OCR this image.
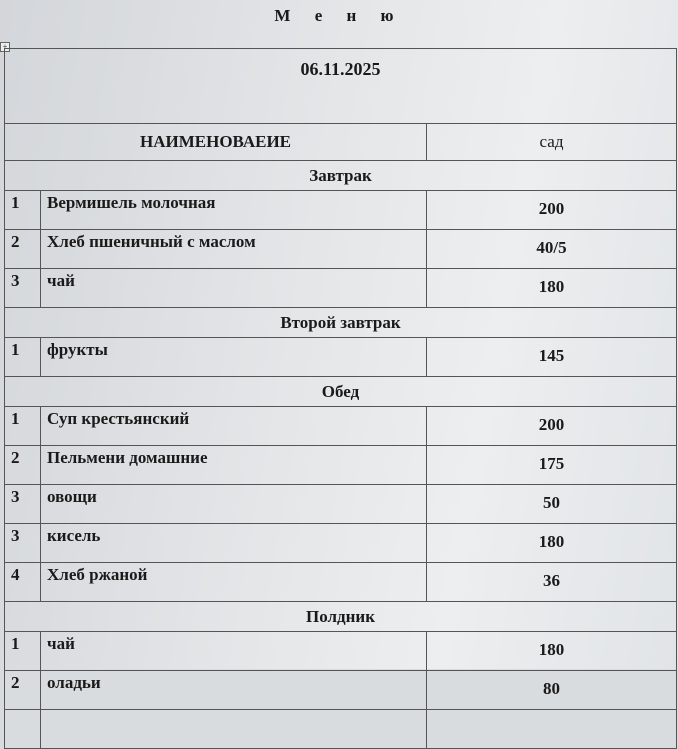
М е н ю
+
06.11.2025		
НАИМЕНОВАЕИЕ		сад
Завтрак		
1	Вермишель молочная	200
2	Хлеб пшеничный с маслом	40/5
3	чай	180
Второй завтрак		
1	фрукты	145
Обед		
1	Суп крестьянский	200
2	Пельмени домашние	175
3	овощи	50
3	кисель	180
4	Хлеб ржаной	36
Полдник		
1	чай	180
2	оладьи	80
